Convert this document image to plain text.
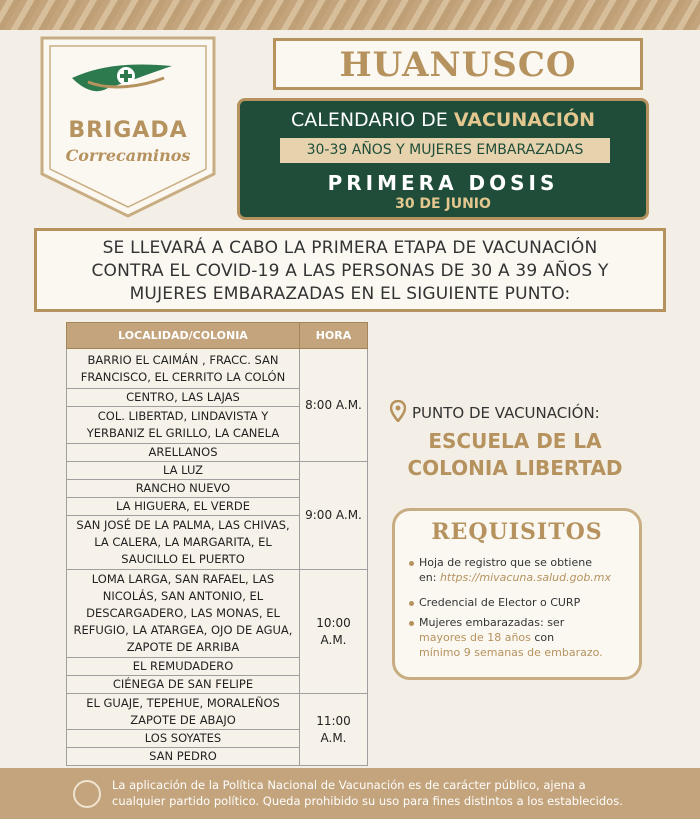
BRIGADA
Correcaminos
HUANUSCO
CALENDARIO DE VACUNACIÓN
30-39 AÑOS Y MUJERES EMBARAZADAS
PRIMERA DOSIS
30 DE JUNIO
SE LLEVARÁ A CABO LA PRIMERA ETAPA DE VACUNACIÓN
CONTRA EL COVID-19 A LAS PERSONAS DE 30 A 39 AÑOS Y
MUJERES EMBARAZADAS EN EL SIGUIENTE PUNTO:
LOCALIDAD/COLONIA	HORA
BARRIO EL CAIMÁN , FRACC. SAN FRANCISCO, EL CERRITO LA COLÓN	8:00 A.M.
CENTRO, LAS LAJAS	
COL. LIBERTAD, LINDAVISTA Y YERBANIZ EL GRILLO, LA CANELA	
ARELLANOS	
LA LUZ	9:00 A.M.
RANCHO NUEVO	
LA HIGUERA, EL VERDE	
SAN JOSÉ DE LA PALMA, LAS CHIVAS, LA CALERA, LA MARGARITA, EL SAUCILLO EL PUERTO	
LOMA LARGA, SAN RAFAEL, LAS NICOLÁS, SAN ANTONIO, EL DESCARGADERO, LAS MONAS, EL REFUGIO, LA ATARGEA, OJO DE AGUA, ZAPOTE DE ARRIBA	10:00 A.M.
EL REMUDADERO	
CIÉNEGA DE SAN FELIPE	
EL GUAJE, TEPEHUE, MORALEÑOS ZAPOTE DE ABAJO	11:00 A.M.
LOS SOYATES	
SAN PEDRO	
PUNTO DE VACUNACIÓN:
ESCUELA DE LA
COLONIA LIBERTAD
REQUISITOS
Hoja de registro que se obtiene
en: https://mivacuna.salud.gob.mx
Credencial de Elector o CURP
Mujeres embarazadas: ser
mayores de 18 años con
mínimo 9 semanas de embarazo.
La aplicación de la Política Nacional de Vacunación es de carácter público, ajena a
cualquier partido político. Queda prohibido su uso para fines distintos a los establecidos.
